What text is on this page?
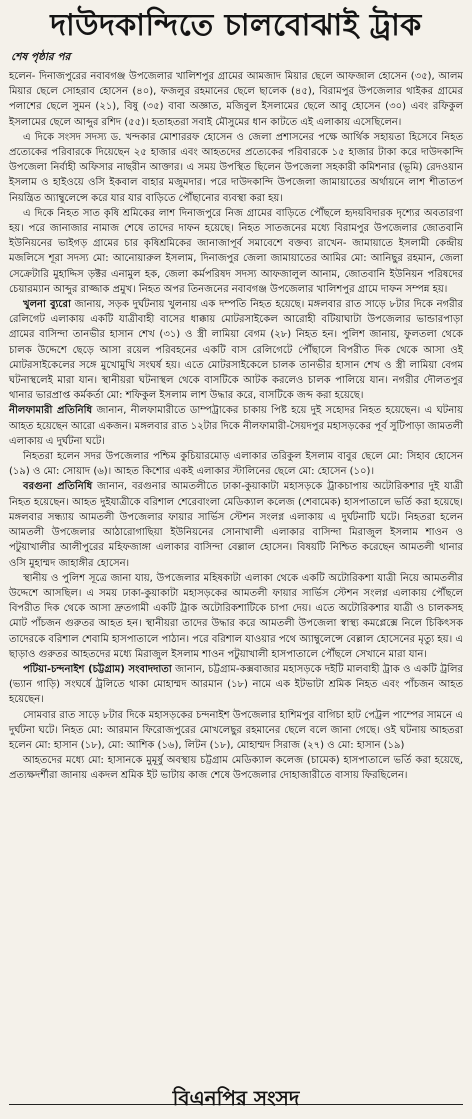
দাউদকান্দিতে চালবোঝাই ট্রাক
শেষ পৃষ্ঠার পর

হলেন- দিনাজপুরের নবাবগঞ্জ উপজেলার খালিশপুর গ্রামের আমজাদ মিয়ার ছেলে আফজাল হোসেন (৩৫), আলম মিয়ার ছেলে সোহরাব হোসেন (৪০), ফজলুর রহমানের ছেলে ছালেক (৪৫), বিরামপুর উপজেলার থাইকর গ্রামের পলাশের ছেলে সুমন (২১), বিষু (৩৫) বাবা অজ্ঞাত, মজিবুল ইসলামের ছেলে আবু হোসেন (৩০) এবং রফিকুল ইসলামের ছেলে আব্দুর রশিদ (৫৫)। হতাহতরা সবাই মৌসুমের ধান কাটতে এই এলাকায় এসেছিলেন।

এ দিকে সংসদ সদস্য ড. খন্দকার মোশাররফ হোসেন ও জেলা প্রশাসনের পক্ষে আর্থিক সহায়তা হিসেবে নিহত প্রত্যেকের পরিবারকে দিয়েছেন ২৫ হাজার এবং আহতদের প্রত্যেকের পরিবারকে ১৫ হাজার টাকা করে দাউদকান্দি উপজেলা নির্বাহী অফিসার নাছরীন আক্তার। এ সময় উপস্থিত ছিলেন উপজেলা সহকারী কমিশনার (ভূমি) রেদওয়ান ইসলাম ও হাইওয়ে ওসি ইকবাল বাহার মজুমদার। পরে দাউদকান্দি উপজেলা জামায়াতের অর্থায়নে লাশ শীতাতপ নিয়ন্ত্রিত অ্যাম্বুলেন্সে করে যার যার বাড়িতে পৌঁছানোর ব্যবস্থা করা হয়।

এ দিকে নিহত সাত কৃষি শ্রমিকের লাশ দিনাজপুরে নিজ গ্রামের বাড়িতে পৌঁছলে হৃদয়বিদারক দৃশ্যের অবতারণা হয়। পরে জানাজার নামাজ শেষে তাদের দাফন হয়েছে। নিহত সাতজনের মধ্যে বিরামপুর উপজেলার জোতবানি ইউনিয়নের ভাইগড় গ্রামের চার কৃষিশ্রমিকের জানাজাপূর্ব সমাবেশে বক্তব্য রাখেন- জামায়াতে ইসলামী কেন্দ্রীয় মজলিসে শূরা সদস্য মো: আনোয়ারুল ইসলাম, দিনাজপুর জেলা জামায়াতের আমির মো: আনিছুর রহমান, জেলা সেক্রেটারি মুহাদ্দিস ড়ক্টর এনামুল হক, জেলা কর্মপরিষদ সদস্য আফজালুল আনাম, জোতবানি ইউনিয়ন পরিষদের চেয়ারম্যান আব্দুর রাজ্জাক প্রমুখ। নিহত অপর তিনজনের নবাবগঞ্জ উপজেলার খালিশপুর গ্রামে দাফন সম্পন্ন হয়।

খুলনা ব্যুরো জানায়, সড়ক দুর্ঘটনায় খুলনায় এক দম্পতি নিহত হয়েছে। মঙ্গলবার রাত সাড়ে ৮টার দিকে নগরীর রেলিগেট এলাকায় একটি যাত্রীবাহী বাসের ধাক্কায় মোটরসাইকেল আরোহী বটিয়াঘাটা উপজেলার ভান্ডারপাড়া গ্রামের বাসিন্দা তানভীর হাসান শেখ (৩১) ও স্ত্রী লামিয়া বেগম (২৮) নিহত হন। পুলিশ জানায়, ফুলতলা থেকে চালক উদ্দেশে ছেড়ে আসা রয়েল পরিবহনের একটি বাস রেলিগেটে পৌঁছালে বিপরীত দিক থেকে আসা ওই মোটরসাইকেলের সঙ্গে মুখোমুখি সংঘর্ষ হয়। এতে মোটরসাইকেলে চালক তানভীর হাসান শেখ ও স্ত্রী লামিয়া বেগম ঘটনাস্থলেই মারা যান। স্থানীয়রা ঘটনাস্থল থেকে বাসটিকে আটক করলেও চালক পালিয়ে যান। নগরীর দৌলতপুর থানার ভারপ্রাপ্ত কর্মকর্তা মো: শফিকুল ইসলাম লাশ উদ্ধার করে, বাসটিকে জব্দ করা হয়েছে।

নীলফামারী প্রতিনিধি জানান, নীলফামারীতে ডাম্পট্রাকের চাকায় পিষ্ট হয়ে দুই সহোদর নিহত হয়েছেন। এ ঘটনায় আহত হয়েছেন আরো একজন। মঙ্গলবার রাত ১২টার দিকে নীলফামারী-সৈয়দপুর মহাসড়কের পূর্ব সুটিপাড়া জামতলী এলাকায় এ দুর্ঘটনা ঘটে।

নিহতরা হলেন সদর উপজেলার পশ্চিম কুচিয়ারমোড় এলাকার তরিকুল ইসলাম বাবুর ছেলে মো: সিহাব হোসেন (১৯) ও মো: সোয়াদ (৬)। আহত কিশোর একই এলাকার স্টালিনের ছেলে মো: হোসেন (১০)।

বরগুনা প্রতিনিধি জানান, বরগুনার আমতলীতে ঢাকা-কুয়াকাটা মহাসড়কে ট্রাকচাপায় অটোরিকশার দুই যাত্রী নিহত হয়েছেন। আহত দুইযাত্রীকে বরিশাল শেরেবাংলা মেডিক্যাল কলেজ (শেবামেক) হাসপাতালে ভর্তি করা হয়েছে। মঙ্গলবার সন্ধ্যায় আমতলী উপজেলার ফায়ার সার্ভিস স্টেশন সংলগ্ন এলাকায় এ দুর্ঘটনাটি ঘটে। নিহতরা হলেন আমতলী উপজেলার আঠারোগাছিয়া ইউনিয়নের সোনাখালী এলাকার বাসিন্দা মিরাজুল ইসলাম শাওন ও পটুয়াখালীর আলীপুরের মহিফজাঙ্গা এলাকার বাসিন্দা বেল্লাল হোসেন। বিষয়টি নিশ্চিত করেছেন আমতলী থানার ওসি মুহাম্মদ জাহাঙ্গীর হোসেন।

স্থানীয় ও পুলিশ সূত্রে জানা যায়, উপজেলার মহিষকাটা এলাকা থেকে একটি অটোরিকশা যাত্রী নিয়ে আমতলীর উদ্দেশে আসছিল। এ সময় ঢাকা-কুয়াকাটা মহাসড়কের আমতলী ফায়ার সার্ভিস স্টেশন সংলগ্ন এলাকায় পৌঁছলে বিপরীত দিক থেকে আসা দ্রুতগামী একটি ট্রাক অটোরিকশাটিকে চাপা দেয়। এতে অটোরিকশার যাত্রী ও চালকসহ মোট পাঁচজন গুরুতর আহত হন। স্থানীয়রা তাদের উদ্ধার করে আমতলী উপজেলা স্বাস্থ্য কমপ্লেক্সে নিলে চিকিৎসক তাদেরকে বরিশাল শেবামি হাসপাতালে পাঠান। পরে বরিশাল যাওয়ার পথে অ্যাম্বুলেন্সে বেল্লাল হোসেনের মৃত্যু হয়। এ ছাড়াও গুরুতর আহতদের মধ্যে মিরাজুল ইসলাম শাওন পটুয়াখালী হাসপাতালে পৌঁছলে সেখানে মারা যান।

পটিয়া-চন্দনাইশ (চট্টগ্রাম) সংবাদদাতা জানান, চট্টগ্রাম-কক্সবাজার মহাসড়কে দইটি মালবাহী ট্রাক ও একটি ট্রলির (ভ্যান গাড়ি) সংঘর্ষে ট্রলিতে থাকা মোহাম্মদ আরমান (১৮) নামে এক ইটভাটা শ্রমিক নিহত এবং পাঁচজন আহত হয়েছেন।

সোমবার রাত সাড়ে ৮টার দিকে মহাসড়কের চন্দনাইশ উপজেলার হাশিমপুর বাগিচা হাট পেট্রল পাম্পের সামনে এ দুর্ঘটনা ঘটে। নিহত মো: আরমান ফিরোজপুরের মোখলেছুর রহমানের ছেলে বলে জানা গেছে। ওই ঘটনায় আহতরা হলেন মো: হাসান (১৮), মো: আশিক (১৬), লিটন (১৮), মোহাম্মদ সিরাজ (২৭) ও মো: হাসান (১৯)

আহতদের মধ্যে মো: হাসানকে মুমূর্ষু অবস্থায় চট্টগ্রাম মেডিক্যাল কলেজ (চামেক) হাসপাতালে ভর্তি করা হয়েছে, প্রত্যক্ষদর্শীরা জানায় একদল শ্রমিক ইট ভাটায় কাজ শেষে উপজেলার দোহাজারীতে বাসায় ফিরছিলেন।

বিএনপির সংসদ
